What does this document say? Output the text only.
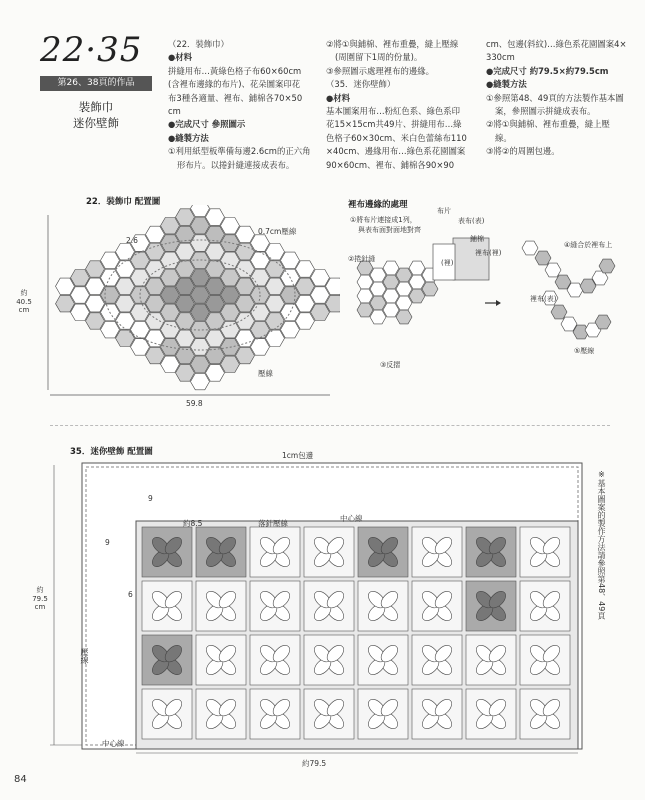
22·35
第26、38頁的作品
裝飾巾
迷你壁飾

（22．裝飾巾）

●材料

拼縫用布…黃綠色格子布60×60cm

(含裡布邊緣的布片)、花朵圖案印花

布3種各適量、裡布、鋪棉各70×50

cm

●完成尺寸 參照圖示

●縫製方法

①利用紙型板準備每邊2.6cm的正六角

形布片。以捲針縫連接成表布。

②將①與鋪棉、裡布重疊，縫上壓線

(周圍留下1周的份量)。

③參照圖示處理裡布的邊緣。

（35．迷你壁飾）

●材料

基本圖案用布…粉紅色系、綠色系印

花15×15cm共49片、拼縫用布…綠

色格子60×30cm、米白色蕾絲布110

×40cm、邊緣用布…綠色系花園圖案

90×60cm、裡布、鋪棉各90×90

cm、包邊(斜紋)…綠色系花園圖案4×

330cm

●完成尺寸 約79.5×約79.5cm

●縫製方法

①參照第48、49頁的方法製作基本圖

案，參照圖示拼縫成表布。

②將①與鋪棉、裡布重疊，縫上壓

線。

③將②的周圍包邊。

22．裝飾巾 配置圖
2.6
0.7cm壓線
約
40.5
cm
壓線
59.8
裡布邊緣的處理
①將布片連接成1列，
與表布面對面地對齊
②捲針縫
③反摺
布片
表布(表)
鋪棉
裡布(裡)
(裡)
④縫合於裡布上
裡布(表)
⑤壓線
35．迷你壁飾 配置圖	1cm包邊
中心線
約8.5	落針壓線
9
9
6
壓線
中心線
約
79.5
cm
約79.5
※基本圖案的製作方法請參照第48、49頁
84
